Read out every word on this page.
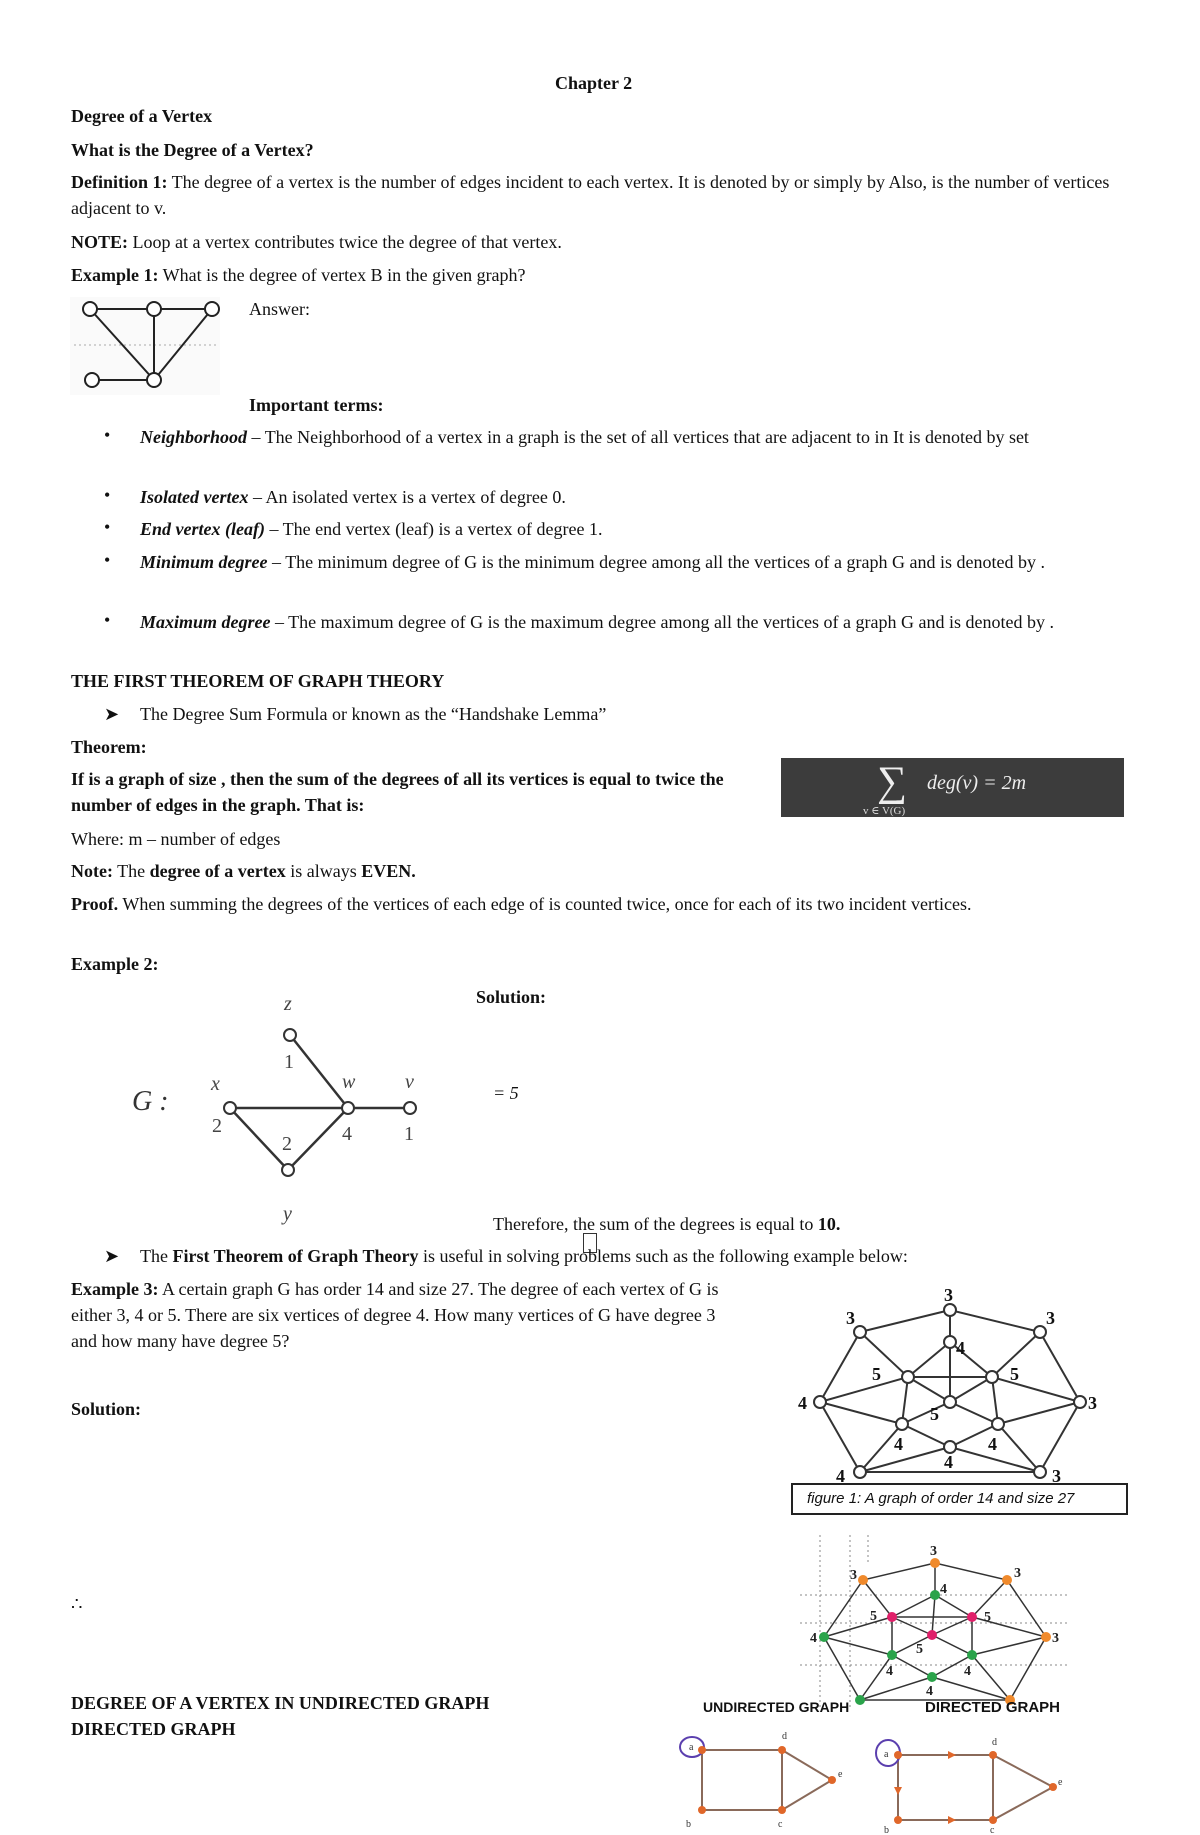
Chapter 2
Degree of a Vertex
What is the Degree of a Vertex?
Definition 1: The degree of a vertex is the number of edges incident to each vertex. It is denoted by or simply by Also, is the number of vertices adjacent to v.
NOTE: Loop at a vertex contributes twice the degree of that vertex.
Example 1: What is the degree of vertex B in the given graph?
Answer:
Important terms:
• Neighborhood – The Neighborhood of a vertex in a graph is the set of all vertices that are adjacent to in It is denoted by set
• Isolated vertex – An isolated vertex is a vertex of degree 0.
• End vertex (leaf) – The end vertex (leaf) is a vertex of degree 1.
• Minimum degree – The minimum degree of G is the minimum degree among all the vertices of a graph G and is denoted by .
• Maximum degree – The maximum degree of G is the maximum degree among all the vertices of a graph G and is denoted by .
THE FIRST THEOREM OF GRAPH THEORY
➤ The Degree Sum Formula or known as the “Handshake Lemma”
Theorem:
If is a graph of size , then the sum of the degrees of all its vertices is equal to twice the number of edges in the graph. That is:	∑ deg(v) = 2m
v ∈ V(G)
Where: m – number of edges
Note: The degree of a vertex is always EVEN.
Proof. When summing the degrees of the vertices of each edge of is counted twice, once for each of its two incident vertices.
Example 2:
G :
z
x	w v
y
1
2
2	4	1
Solution:
= 5
Therefore, the sum of the degrees is equal to 10.
➤ The First Theorem of Graph Theory is useful in solving problems such as the following example below:
Example 3: A certain graph G has order 14 and size 27. The degree of each vertex of G is either 3, 4 or 5. There are six vertices of degree 4. How many vertices of G have degree 3 and how many have degree 5?
Solution:
∴
3
3	3
4	3
5
4
5
4
5
4
4
4	3
figure 1: A graph of order 14 and size 27
3
3	3
4	3
5
4
5
4
5
4
4
DEGREE OF A VERTEX IN UNDIRECTED GRAPH
DIRECTED GRAPH
UNDIRECTED GRAPH	DIRECTED GRAPH
a
b	c
d
e
a
b	c
d
e
